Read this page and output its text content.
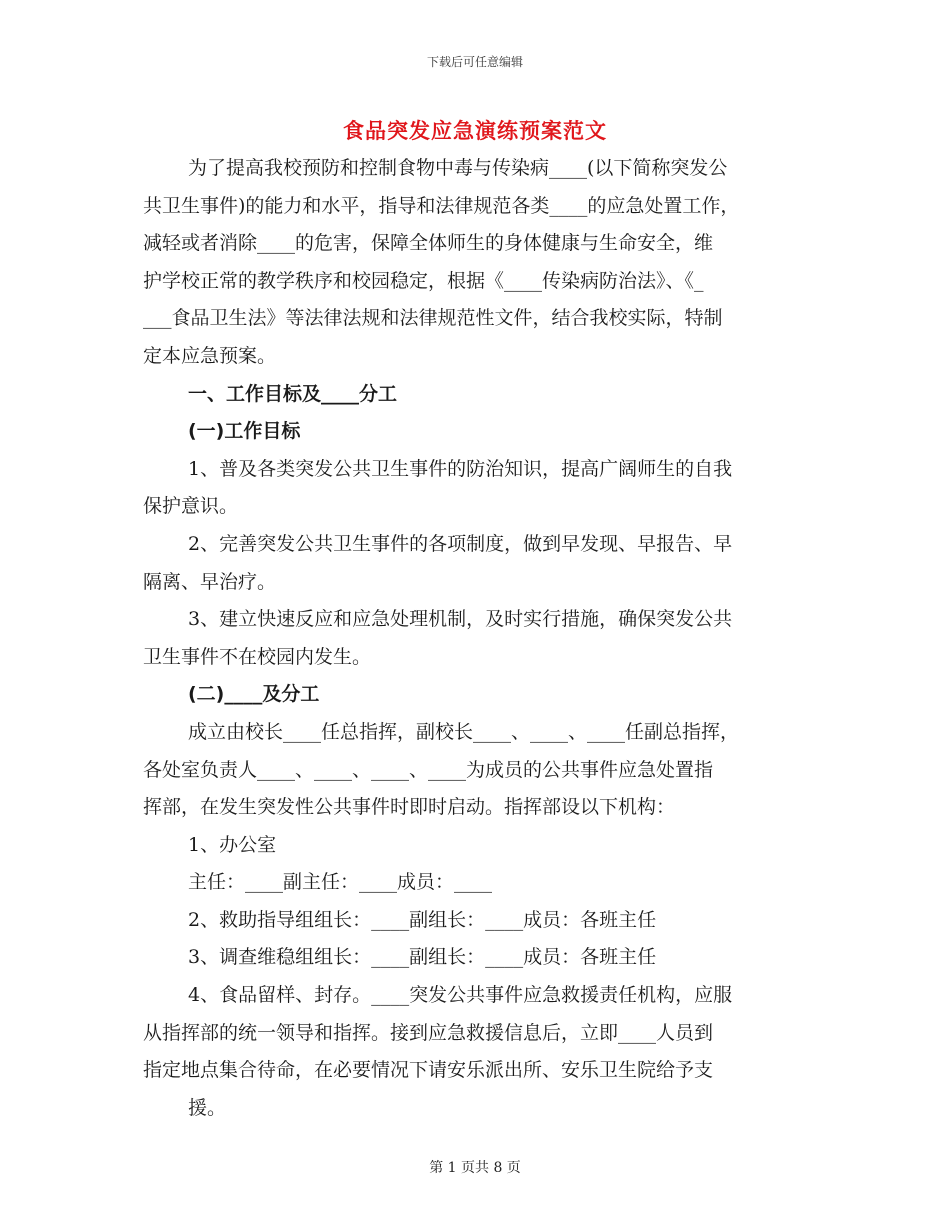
下载后可任意编辑
食品突发应急演练预案范文
为了提高我校预防和控制食物中毒与传染病____(以下简称突发公
共卫生事件)的能力和水平，指导和法律规范各类____的应急处置工作，
减轻或者消除____的危害，保障全体师生的身体健康与生命安全，维
护学校正常的教学秩序和校园稳定，根据《____传染病防治法》、《_
___食品卫生法》等法律法规和法律规范性文件，结合我校实际，特制
定本应急预案。
一、工作目标及____分工
(一)工作目标
1、普及各类突发公共卫生事件的防治知识，提高广阔师生的自我
保护意识。
2、完善突发公共卫生事件的各项制度，做到早发现、早报告、早
隔离、早治疗。
3、建立快速反应和应急处理机制，及时实行措施，确保突发公共
卫生事件不在校园内发生。
(二)____及分工
成立由校长____任总指挥，副校长____、____、____任副总指挥，
各处室负责人____、____、____、____为成员的公共事件应急处置指
挥部，在发生突发性公共事件时即时启动。指挥部设以下机构：
1、办公室
主任：____副主任：____成员：____
2、救助指导组组长：____副组长：____成员：各班主任
3、调查维稳组组长：____副组长：____成员：各班主任
4、食品留样、封存。____突发公共事件应急救援责任机构，应服
从指挥部的统一领导和指挥。接到应急救援信息后，立即____人员到
指定地点集合待命，在必要情况下请安乐派出所、安乐卫生院给予支
援。
第 1 页共 8 页
